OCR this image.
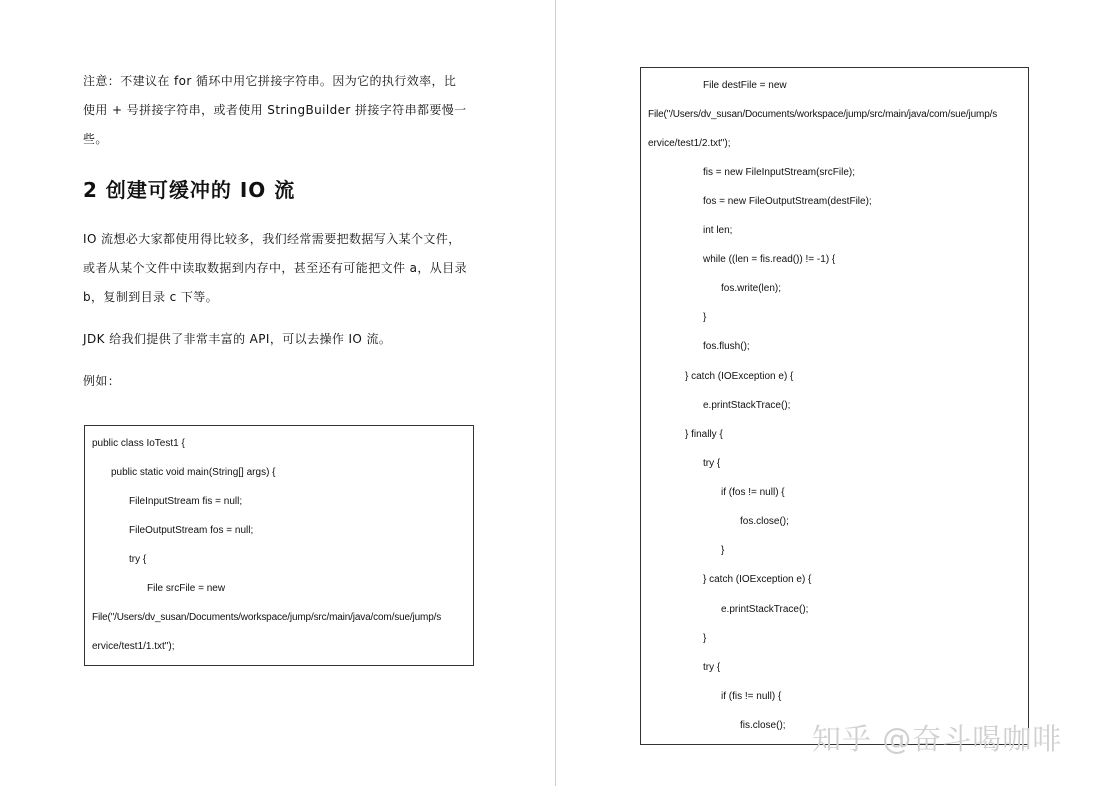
注意：不建议在 for 循环中用它拼接字符串。因为它的执行效率，比

使用 + 号拼接字符串，或者使用 StringBuilder 拼接字符串都要慢一

些。

2 创建可缓冲的 IO 流

IO 流想必大家都使用得比较多，我们经常需要把数据写入某个文件，

或者从某个文件中读取数据到内存中，甚至还有可能把文件 a，从目录

b，复制到目录 c 下等。

JDK 给我们提供了非常丰富的 API，可以去操作 IO 流。

例如：

public class IoTest1 {
public static void main(String[] args) {
FileInputStream fis = null;
FileOutputStream fos = null;
try {
File srcFile = new
File("/Users/dv_susan/Documents/workspace/jump/src/main/java/com/sue/jump/s
ervice/test1/1.txt");
File destFile = new
File("/Users/dv_susan/Documents/workspace/jump/src/main/java/com/sue/jump/s
ervice/test1/2.txt");
fis = new FileInputStream(srcFile);
fos = new FileOutputStream(destFile);
int len;
while ((len = fis.read()) != -1) {
fos.write(len);
}
fos.flush();
} catch (IOException e) {
e.printStackTrace();
} finally {
try {
if (fos != null) {
fos.close();
}
} catch (IOException e) {
e.printStackTrace();
}
try {
if (fis != null) {
fis.close(); 知乎 @奋斗喝咖啡
